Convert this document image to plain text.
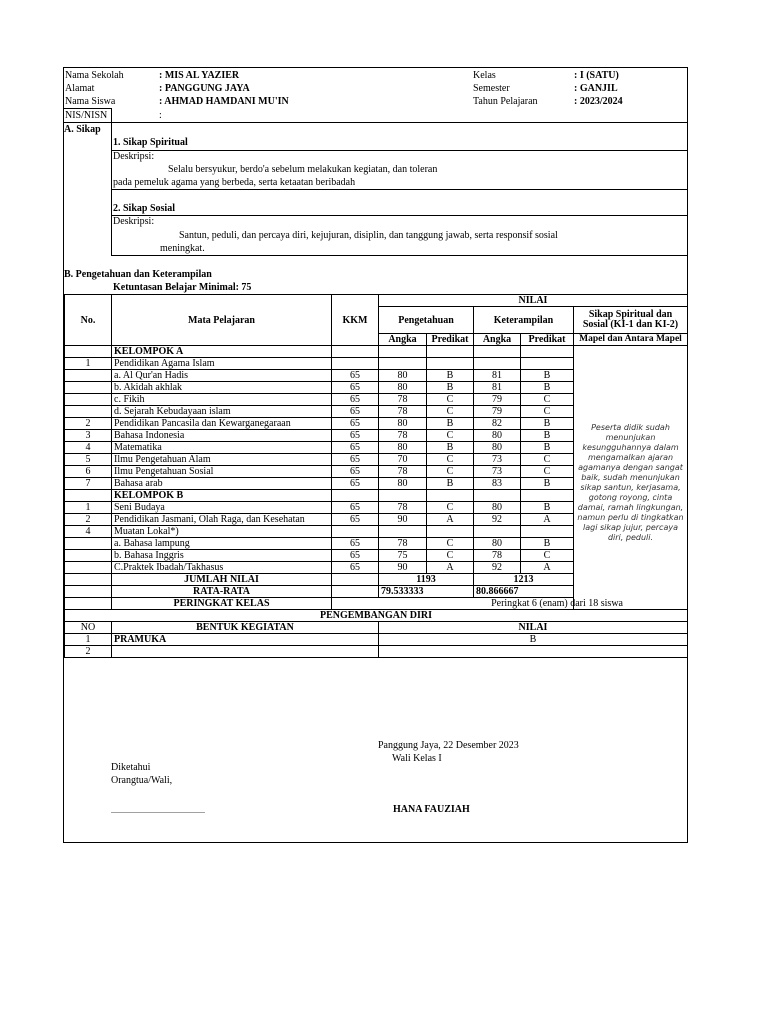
Nama Sekolah	: MIS AL YAZIER	Kelas	: I (SATU)
Alamat	: PANGGUNG JAYA	Semester	: GANJIL
Nama Siswa	: AHMAD HAMDANI MU'IN	Tahun Pelajaran	: 2023/2024
NIS/NISN	:
A. Sikap
1. Sikap Spiritual
Deskripsi:
Selalu bersyukur, berdo'a sebelum melakukan kegiatan, dan toleran
pada pemeluk agama yang berbeda, serta ketaatan beribadah
2. Sikap Sosial
Deskripsi:
Santun, peduli, dan percaya diri, kejujuran, disiplin, dan tanggung jawab, serta responsif sosial
meningkat.
B. Pengetahuan dan Keterampilan
Ketuntasan Belajar Minimal: 75
No.	Mata Pelajaran	KKM	NILAI				
			Pengetahuan		Keterampilan		Sikap Spiritual dan Sosial (KI-1 dan KI-2)
			Angka	Predikat	Angka	Predikat	Mapel dan Antara Mapel
	KELOMPOK A						
1	Pendidikan Agama Islam						Peserta didik sudah menunjukan kesungguhannya dalam mengamalkan ajaran agamanya dengan sangat baik, sudah menunjukan sikap santun, kerjasama, gotong royong, cinta damai, ramah lingkungan, namun perlu di tingkatkan lagi sikap jujur, percaya diri, peduli.
	a. Al Qur'an Hadis	65	80	B	81	B	
	b. Akidah akhlak	65	80	B	81	B	
	c. Fikih	65	78	C	79	C	
	d. Sejarah Kebudayaan islam	65	78	C	79	C	
2	Pendidikan Pancasila dan Kewarganegaraan	65	80	B	82	B	
3	Bahasa Indonesia	65	78	C	80	B	
4	Matematika	65	80	B	80	B	
5	Ilmu Pengetahuan Alam	65	70	C	73	C	
6	Ilmu Pengetahuan Sosial	65	78	C	73	C	
7	Bahasa arab	65	80	B	83	B	
	KELOMPOK B						
1	Seni Budaya	65	78	C	80	B	
2	Pendidikan Jasmani, Olah Raga, dan Kesehatan	65	90	A	92	A	
4	Muatan Lokal*)						
	a. Bahasa lampung	65	78	C	80	B	
	b. Bahasa Inggris	65	75	C	78	C	
	C.Praktek Ibadah/Takhasus	65	90	A	92	A	
	JUMLAH NILAI		1193		1213		
	RATA-RATA		79.533333		80.866667		
	PERINGKAT KELAS	Peringkat 6 (enam) dari 18 siswa					
PENGEMBANGAN DIRI							
NO	BENTUK KEGIATAN		NILAI				
1	PRAMUKA		B				
2							
Panggung Jaya, 22 Desember 2023
Wali Kelas I
Diketahui
Orangtua/Wali,
...............................................	HANA FAUZIAH
